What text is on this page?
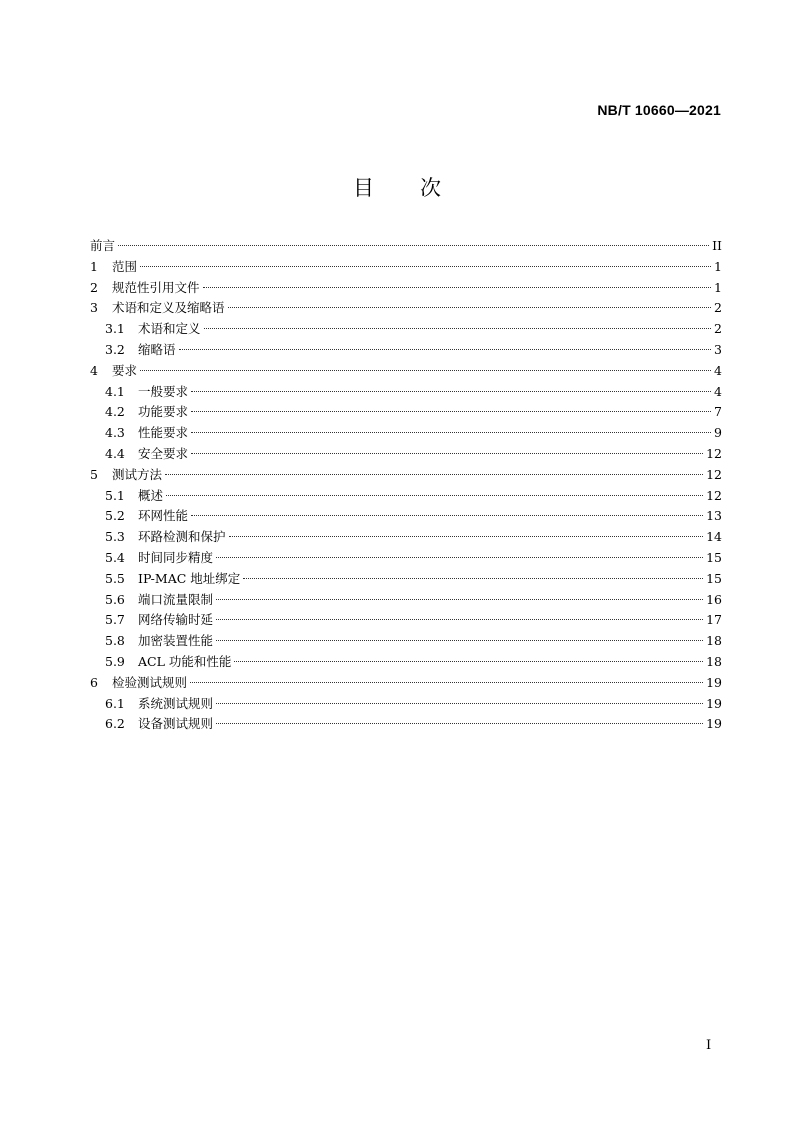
NB/T 10660—2021
目 次
前言	II
1	范围	1
2	规范性引用文件	1
3	术语和定义及缩略语	2
3.1	术语和定义	2
3.2	缩略语	3
4	要求	4
4.1	一般要求	4
4.2	功能要求	7
4.3	性能要求	9
4.4	安全要求	12
5	测试方法	12
5.1	概述	12
5.2	环网性能	13
5.3	环路检测和保护	14
5.4	时间同步精度	15
5.5	IP-MAC 地址绑定	15
5.6	端口流量限制	16
5.7	网络传输时延	17
5.8	加密装置性能	18
5.9	ACL 功能和性能	18
6	检验测试规则	19
6.1	系统测试规则	19
6.2	设备测试规则	19
I
